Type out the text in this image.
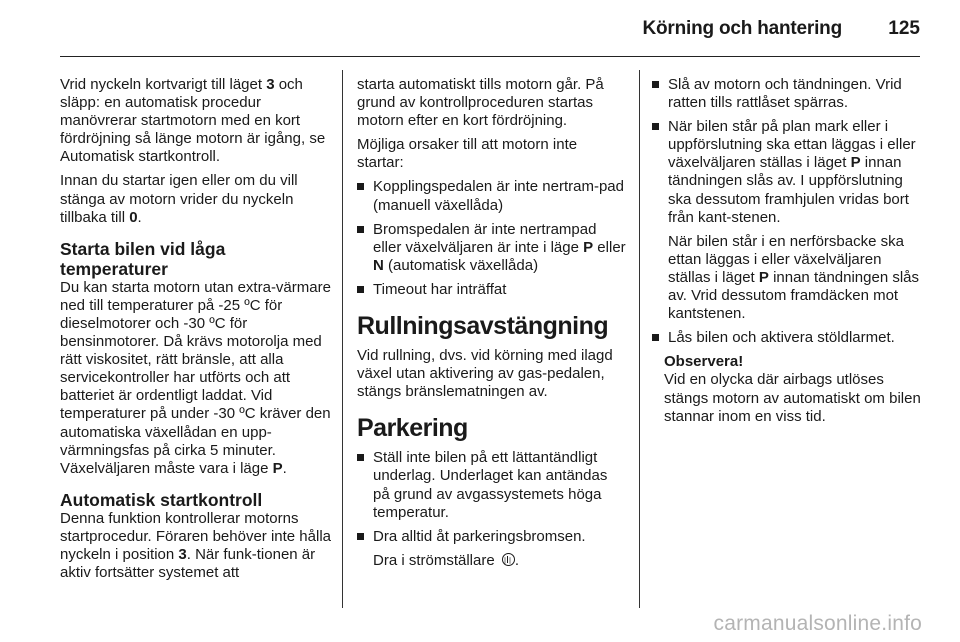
Körning och hantering 125

Vrid nyckeln kortvarigt till läget 3 och släpp: en automatisk procedur manövrerar startmotorn med en kort fördröjning så länge motorn är igång, se Automatisk startkontroll.

Innan du startar igen eller om du vill stänga av motorn vrider du nyckeln tillbaka till 0.

Starta bilen vid låga temperaturer

Du kan starta motorn utan extra-värmare ned till temperaturer på -25 ºC för dieselmotorer och -30 ºC för bensinmotorer. Då krävs motorolja med rätt viskositet, rätt bränsle, att alla servicekontroller har utförts och att batteriet är ordentligt laddat. Vid temperaturer på under -30 ºC kräver den automatiska växellådan en upp-värmningsfas på cirka 5 minuter. Växelväljaren måste vara i läge P.

Automatisk startkontroll

Denna funktion kontrollerar motorns startprocedur. Föraren behöver inte hålla nyckeln i position 3. När funk-tionen är aktiv fortsätter systemet att

starta automatiskt tills motorn går. På grund av kontrollproceduren startas motorn efter en kort fördröjning.

Möjliga orsaker till att motorn inte startar:

Kopplingspedalen är inte nertram-pad (manuell växellåda)
Bromspedalen är inte nertrampad eller växelväljaren är inte i läge P eller N (automatisk växellåda)
Timeout har inträffat
Rullningsavstängning

Vid rullning, dvs. vid körning med ilagd växel utan aktivering av gas-pedalen, stängs bränslematningen av.

Parkering
Ställ inte bilen på ett lättantändligt underlag. Underlaget kan antändas på grund av avgassystemets höga temperatur.
Dra alltid åt parkeringsbromsen.

Dra i strömställare .

Slå av motorn och tändningen. Vrid ratten tills rattlåset spärras.
När bilen står på plan mark eller i uppförslutning ska ettan läggas i eller växelväljaren ställas i läget P innan tändningen slås av. I uppförslutning ska dessutom framhjulen vridas bort från kant-stenen.

När bilen står i en nerförsbacke ska ettan läggas i eller växelväljaren ställas i läget P innan tändningen slås av. Vrid dessutom framdäcken mot kantstenen.

Lås bilen och aktivera stöldlarmet.

Observera!

Vid en olycka där airbags utlöses stängs motorn av automatiskt om bilen stannar inom en viss tid.

carmanualsonline.info
